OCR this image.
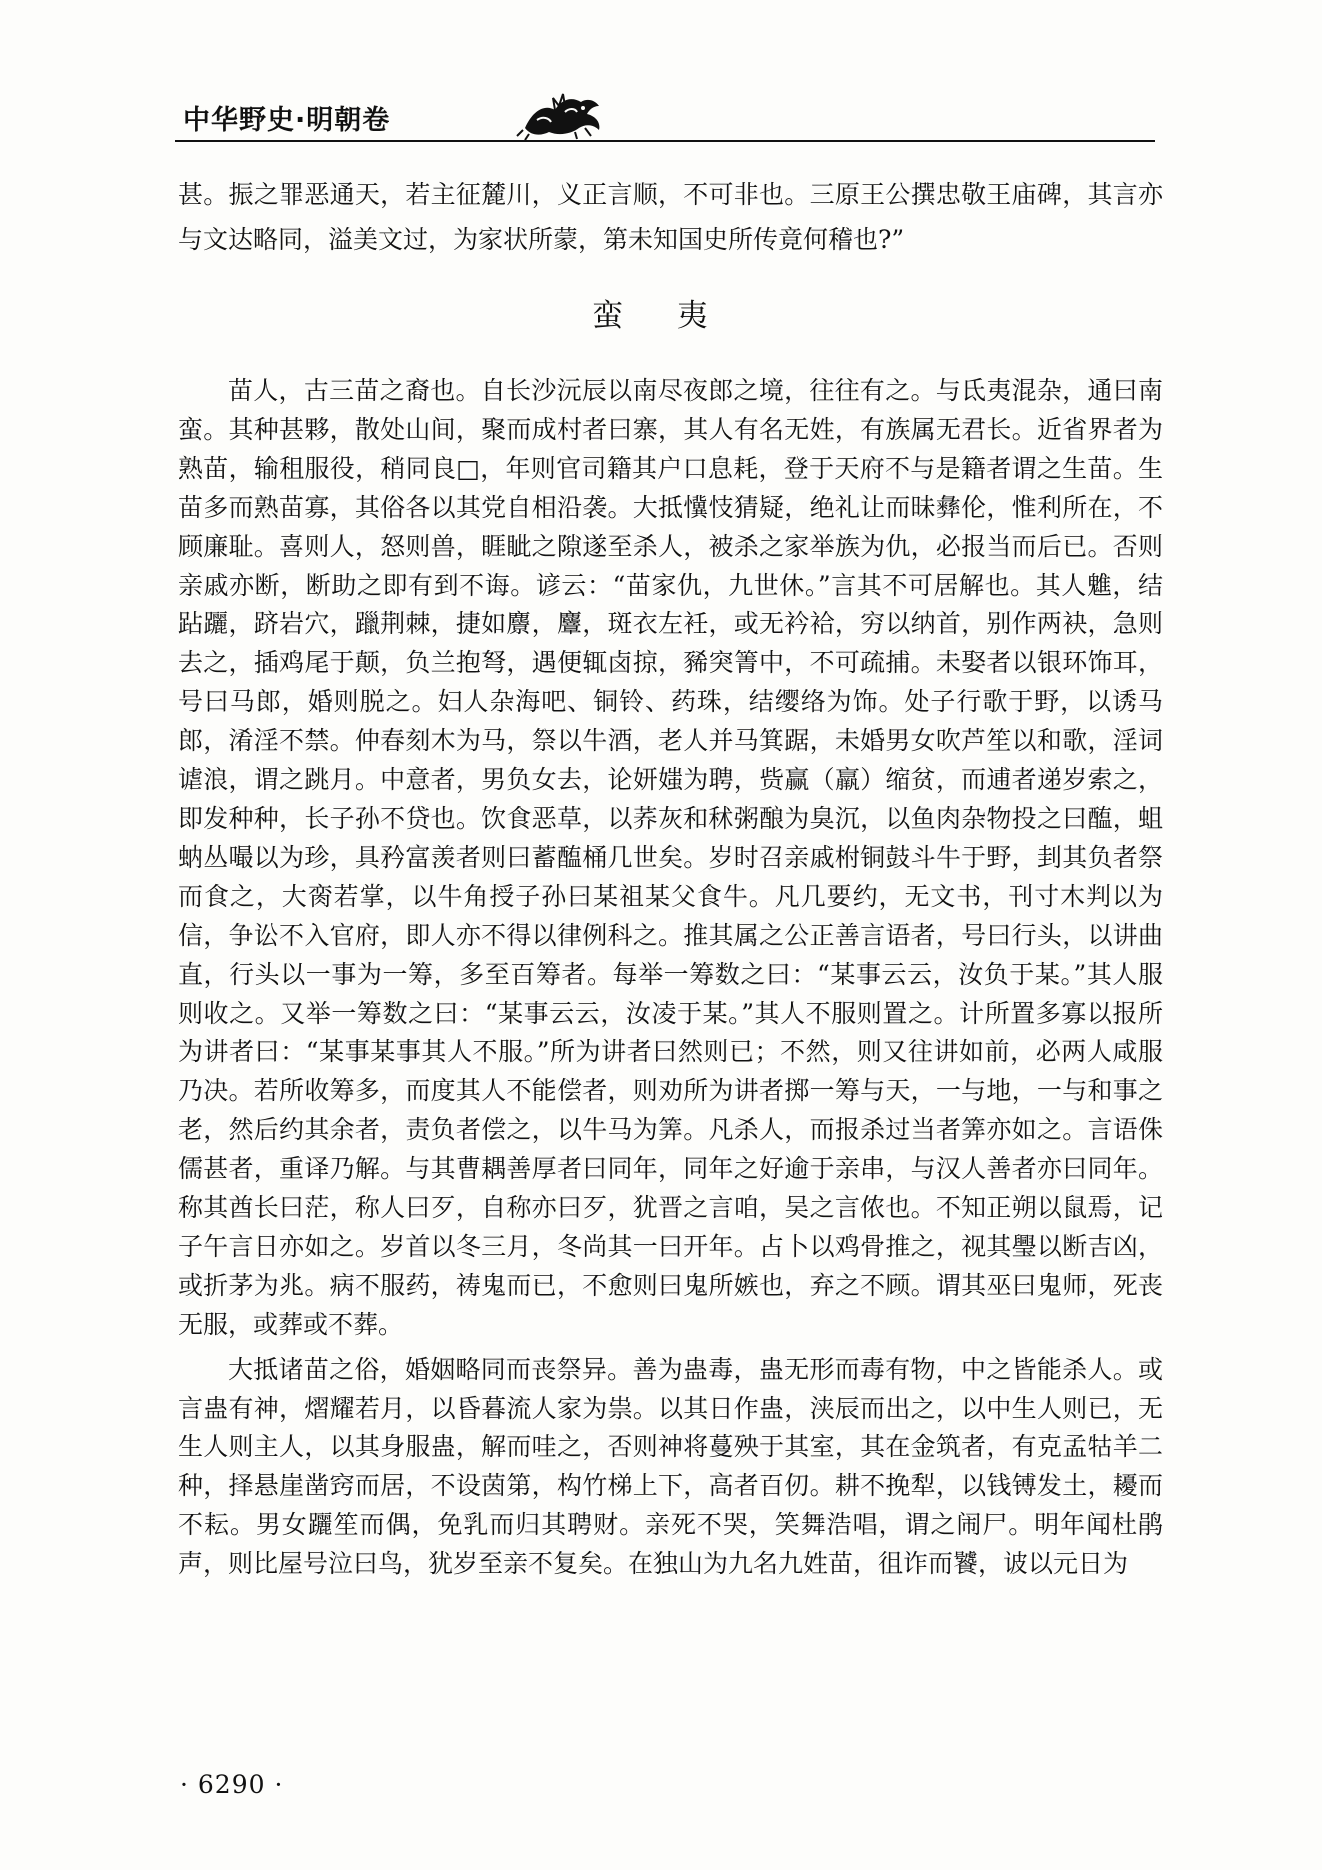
中华野史·明朝卷
甚。振之罪恶通天，若主征麓川，义正言顺，不可非也。三原王公撰忠敬王庙碑，其言亦与文达略同，溢美文过，为家状所蒙，第未知国史所传竟何稽也?”
蛮 夷

苗人，古三苗之裔也。自长沙沅辰以南尽夜郎之境，往往有之。与氐夷混杂，通曰南蛮。其种甚夥，散处山间，聚而成村者曰寨，其人有名无姓，有族属无君长。近省界者为熟苗，输租服役，稍同良□，年则官司籍其户口息耗，登于天府不与是籍者谓之生苗。生苗多而熟苗寡，其俗各以其党自相沿袭。大抵懻忮猜疑，绝礼让而昧彝伦，惟利所在，不顾廉耻。喜则人，怒则兽，睚眦之隙遂至杀人，被杀之家举族为仇，必报当而后已。否则亲戚亦断，断助之即有到不诲。谚云：“苗家仇，九世休。”言其不可居解也。其人魋，结跕躧，跻岩穴，躐荆棘，捷如麖，麞，斑衣左衽，或无衿袷，穷以纳首，别作两袂，急则去之，插鸡尾于颠，负兰抱弩，遇便辄卤掠，豨突箐中，不可疏捕。未娶者以银环饰耳，号曰马郎，婚则脱之。妇人杂海吧、铜铃、药珠，结缨络为饰。处子行歌于野，以诱马郎，淆淫不禁。仲春刻木为马，祭以牛酒，老人并马箕踞，未婚男女吹芦笙以和歌，淫词谑浪，谓之跳月。中意者，男负女去，论妍媸为聘，赀赢（羸）缩贫，而逋者递岁索之，即发种种，长子孙不贷也。饮食恶草，以荞灰和秫粥酿为臭沉，以鱼肉杂物投之曰醢，蛆蚋丛嘬以为珍，具矜富羡者则曰蓄醢桶几世矣。岁时召亲戚柎铜鼓斗牛于野，刲其负者祭而食之，大脔若掌，以牛角授子孙曰某祖某父食牛。凡几要约，无文书，刊寸木判以为信，争讼不入官府，即人亦不得以律例科之。推其属之公正善言语者，号曰行头，以讲曲直，行头以一事为一筹，多至百筹者。每举一筹数之曰：“某事云云，汝负于某。”其人服则收之。又举一筹数之曰：“某事云云，汝凌于某。”其人不服则置之。计所置多寡以报所为讲者曰：“某事某事其人不服。”所为讲者曰然则已；不然，则又往讲如前，必两人咸服乃决。若所收筹多，而度其人不能偿者，则劝所为讲者掷一筹与天，一与地，一与和事之老，然后约其余者，责负者偿之，以牛马为筭。凡杀人，而报杀过当者筭亦如之。言语侏儒甚者，重译乃解。与其曹耦善厚者曰同年，同年之好逾于亲串，与汉人善者亦曰同年。称其酋长曰茫，称人曰歹，自称亦曰歹，犹晋之言咱，吴之言侬也。不知正朔以鼠焉，记子午言日亦如之。岁首以冬三月，冬尚其一曰开年。占卜以鸡骨推之，视其璺以断吉凶，或折茅为兆。病不服药，祷鬼而已，不愈则曰鬼所嫉也，弃之不顾。谓其巫曰鬼师，死丧无服，或葬或不葬。

大抵诸苗之俗，婚姻略同而丧祭异。善为蛊毒，蛊无形而毒有物，中之皆能杀人。或言蛊有神，熠耀若月，以昏暮流人家为祟。以其日作蛊，浃辰而出之，以中生人则已，无生人则主人，以其身服蛊，解而哇之，否则神将蔓殃于其室，其在金筑者，有克孟牯羊二种，择悬崖凿窍而居，不设茵第，构竹梯上下，高者百仞。耕不挽犁，以钱镈发土，耰而不耘。男女躧笙而偶，免乳而归其聘财。亲死不哭，笑舞浩唱，谓之闹尸。明年闻杜鹃声，则比屋号泣曰鸟，犹岁至亲不复矣。在独山为九名九姓苗，徂诈而饕，诐以元日为

· 6290 ·
